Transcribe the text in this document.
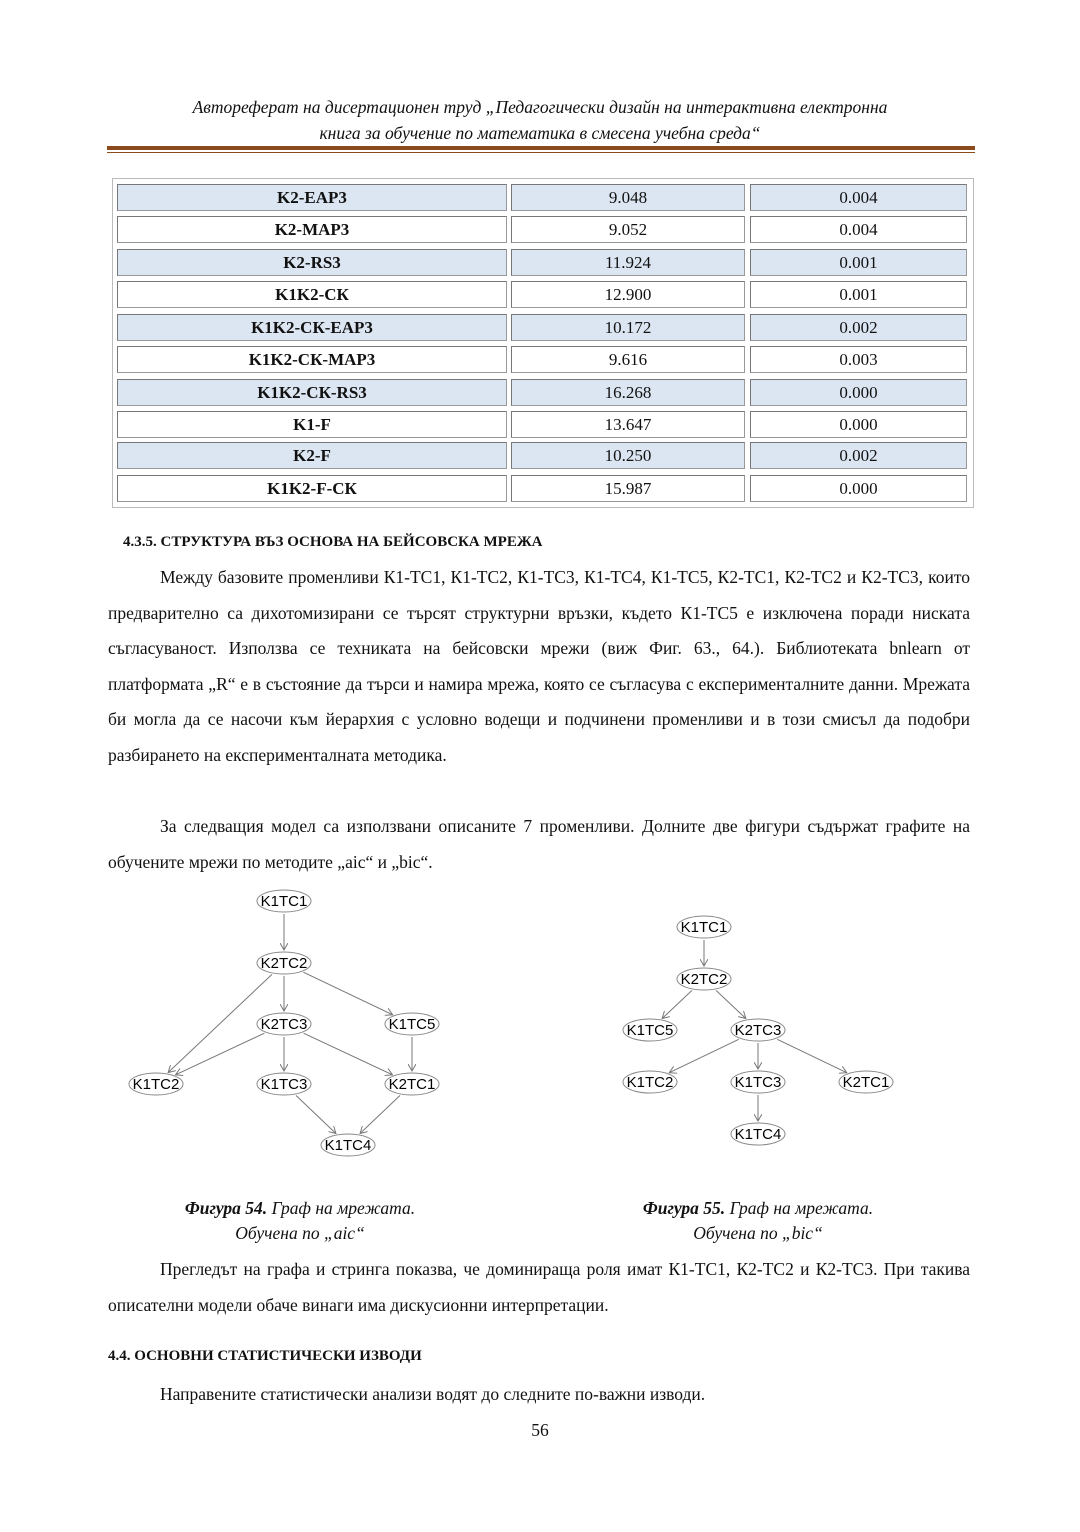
Автореферат на дисертационен труд „Педагогически дизайн на интерактивна електронна
книга за обучение по математика в смесена учебна среда“
K2-EAP3	9.048	0.004
K2-MAP3	9.052	0.004
K2-RS3	11.924	0.001
K1K2-СК	12.900	0.001
K1K2-СК-EAP3	10.172	0.002
K1K2-СК-MAP3	9.616	0.003
K1K2-СК-RS3	16.268	0.000
K1-F	13.647	0.000
K2-F	10.250	0.002
K1K2-F-СК	15.987	0.000
4.3.5. СТРУКТУРА ВЪЗ ОСНОВА НА БЕЙСОВСКА МРЕЖА
Между базовите променливи К1-ТС1, К1-ТС2, К1-ТС3, К1-ТС4, К1-ТС5, К2-ТС1, К2-ТС2 и К2-ТС3, които предварително са дихотомизирани се търсят структурни връзки, където К1-ТС5 е изключена поради ниската съгласуваност. Използва се техниката на бейсовски мрежи (виж Фиг. 63., 64.). Библиотеката bnlearn от платформата „R“ е в състояние да търси и намира мрежа, която се съгласува с експерименталните данни. Мрежата би могла да се насочи към йерархия с условно водещи и подчинени променливи и в този смисъл да подобри разбирането на експерименталната методика.
За следващия модел са използвани описаните 7 променливи. Долните две фигури съдържат графите на обучените мрежи по методите „aic“ и „bic“.
K1TC1
K2TC2
K2TC3	K1TC5
K1TC2	K1TC3	K2TC1
K1TC4
K1TC1
K2TC2
K1TC5	K2TC3
K1TC2	K1TC3	K2TC1
K1TC4
Фигура 54. Граф на мрежата.
Обучена по „aic“
Фигура 55. Граф на мрежата.
Обучена по „bic“
Прегледът на графа и стринга показва, че доминираща роля имат К1-ТС1, К2-ТС2 и К2-ТС3. При такива описателни модели обаче винаги има дискусионни интерпретации.
4.4. ОСНОВНИ СТАТИСТИЧЕСКИ ИЗВОДИ
Направените статистически анализи водят до следните по-важни изводи.
56
